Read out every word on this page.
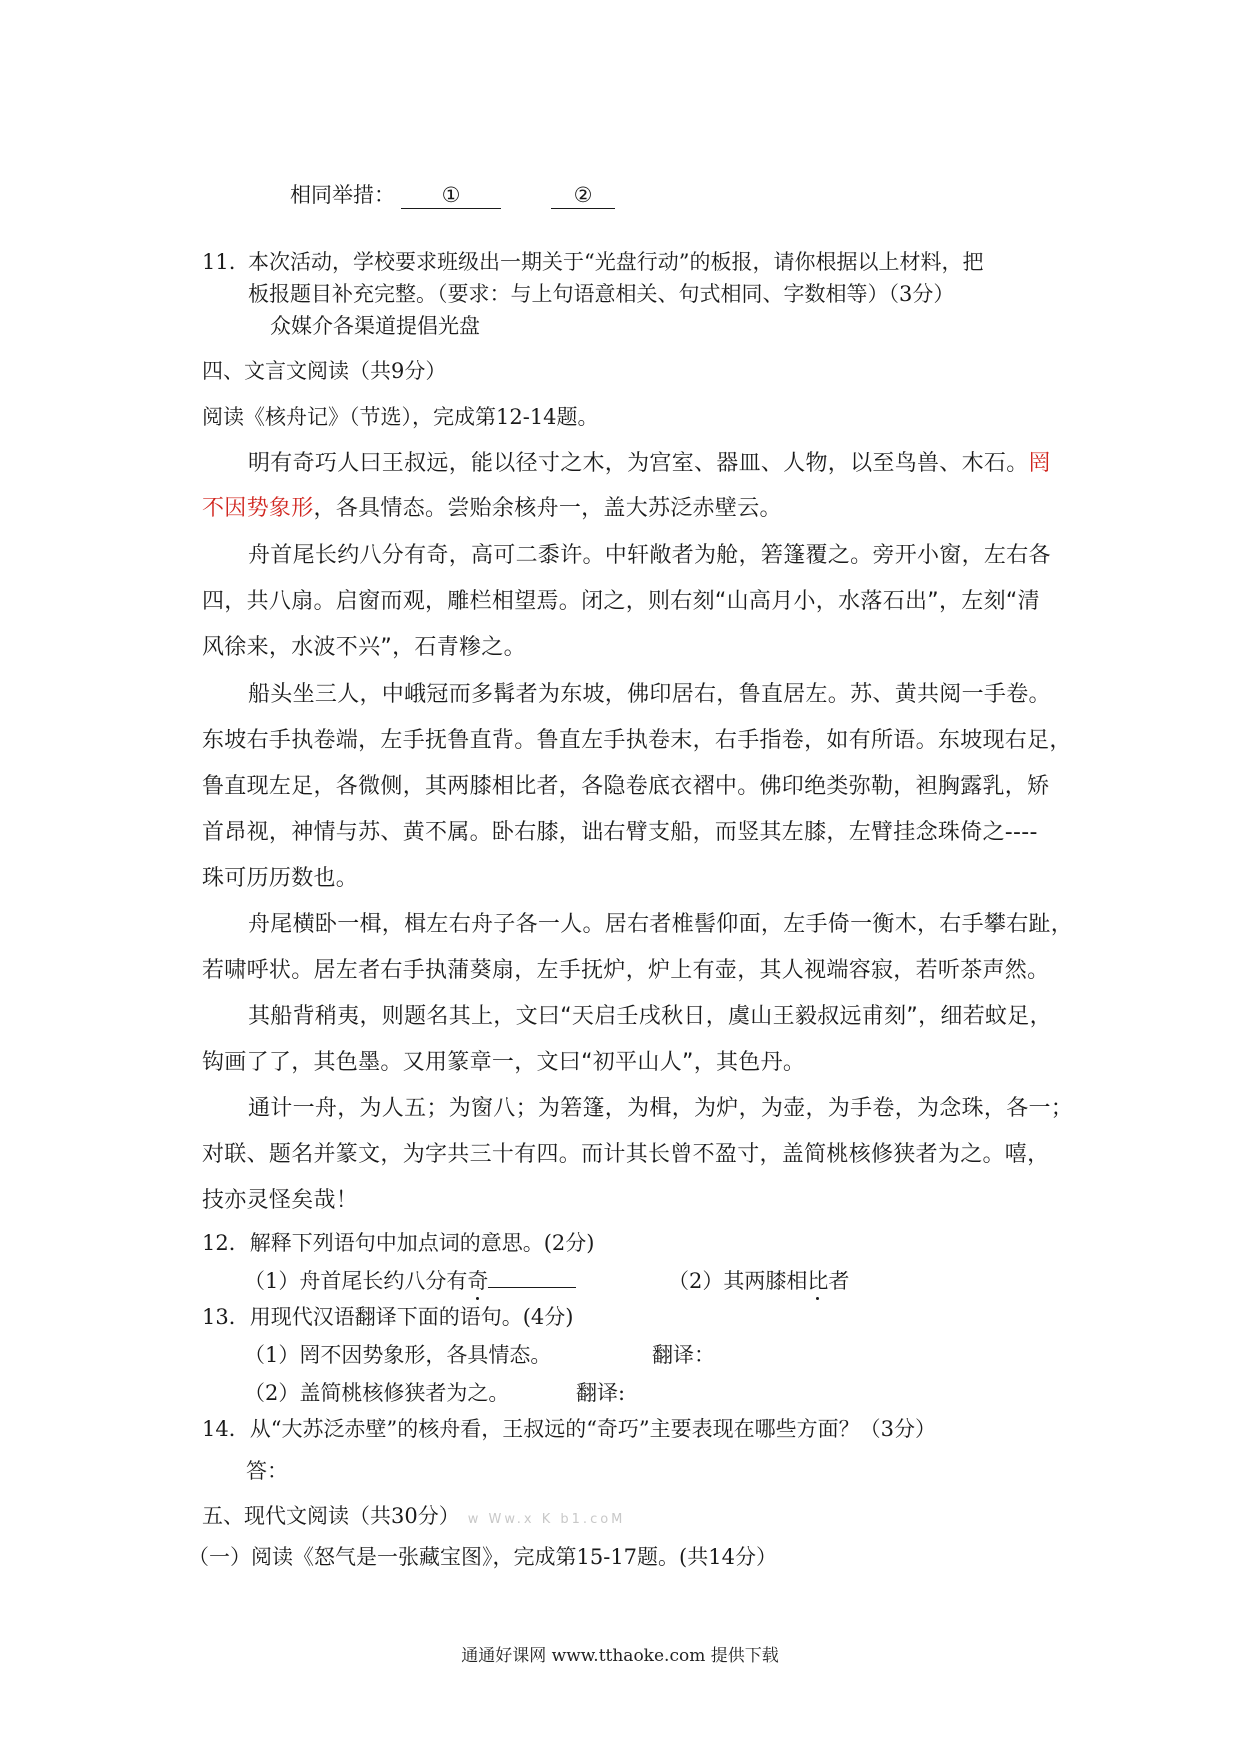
相同举措： ①	②
11. 本次活动，学校要求班级出一期关于“光盘行动”的板报，请你根据以上材料，把
板报题目补充完整。（要求：与上句语意相关、句式相同、字数相等）（3分）
众媒介各渠道提倡光盘
四、文言文阅读（共9分）
阅读《核舟记》（节选），完成第12-14题。
明有奇巧人曰王叔远，能以径寸之木，为宫室、器皿、人物，以至鸟兽、木石。罔
不因势象形，各具情态。尝贻余核舟一，盖大苏泛赤壁云。
舟首尾长约八分有奇，高可二黍许。中轩敞者为舱，箬篷覆之。旁开小窗，左右各
四，共八扇。启窗而观，雕栏相望焉。闭之，则右刻“山高月小，水落石出”，左刻“清
风徐来，水波不兴”，石青糁之。
船头坐三人，中峨冠而多髯者为东坡，佛印居右，鲁直居左。苏、黄共阅一手卷。
东坡右手执卷端，左手抚鲁直背。鲁直左手执卷末，右手指卷，如有所语。东坡现右足，
鲁直现左足，各微侧，其两膝相比者，各隐卷底衣褶中。佛印绝类弥勒，袒胸露乳，矫
首昂视，神情与苏、黄不属。卧右膝，诎右臂支船，而竖其左膝，左臂挂念珠倚之----
珠可历历数也。
舟尾横卧一楫，楫左右舟子各一人。居右者椎髻仰面，左手倚一衡木，右手攀右趾，
若啸呼状。居左者右手执蒲葵扇，左手抚炉，炉上有壶，其人视端容寂，若听茶声然。
其船背稍夷，则题名其上，文曰“天启壬戌秋日，虞山王毅叔远甫刻”，细若蚊足，
钩画了了，其色墨。又用篆章一，文曰“初平山人”，其色丹。
通计一舟，为人五；为窗八；为箬篷，为楫，为炉，为壶，为手卷，为念珠，各一；
对联、题名并篆文，为字共三十有四。而计其长曾不盈寸，盖简桃核修狭者为之。嘻，
技亦灵怪矣哉！
12．解释下列语句中加点词的意思。(2分)
（1）舟首尾长约八分有奇	（2）其两膝相比者
13．用现代汉语翻译下面的语句。(4分)
（1）罔不因势象形，各具情态。	翻译：
（2）盖简桃核修狭者为之。	翻译:
14．从“大苏泛赤壁”的核舟看，王叔远的“奇巧”主要表现在哪些方面？（3分）
答：
五、现代文阅读（共30分） w Ww.x K b1.coM
（一）阅读《怒气是一张藏宝图》，完成第15-17题。(共14分）
通通好课网 www.tthaoke.com 提供下载
